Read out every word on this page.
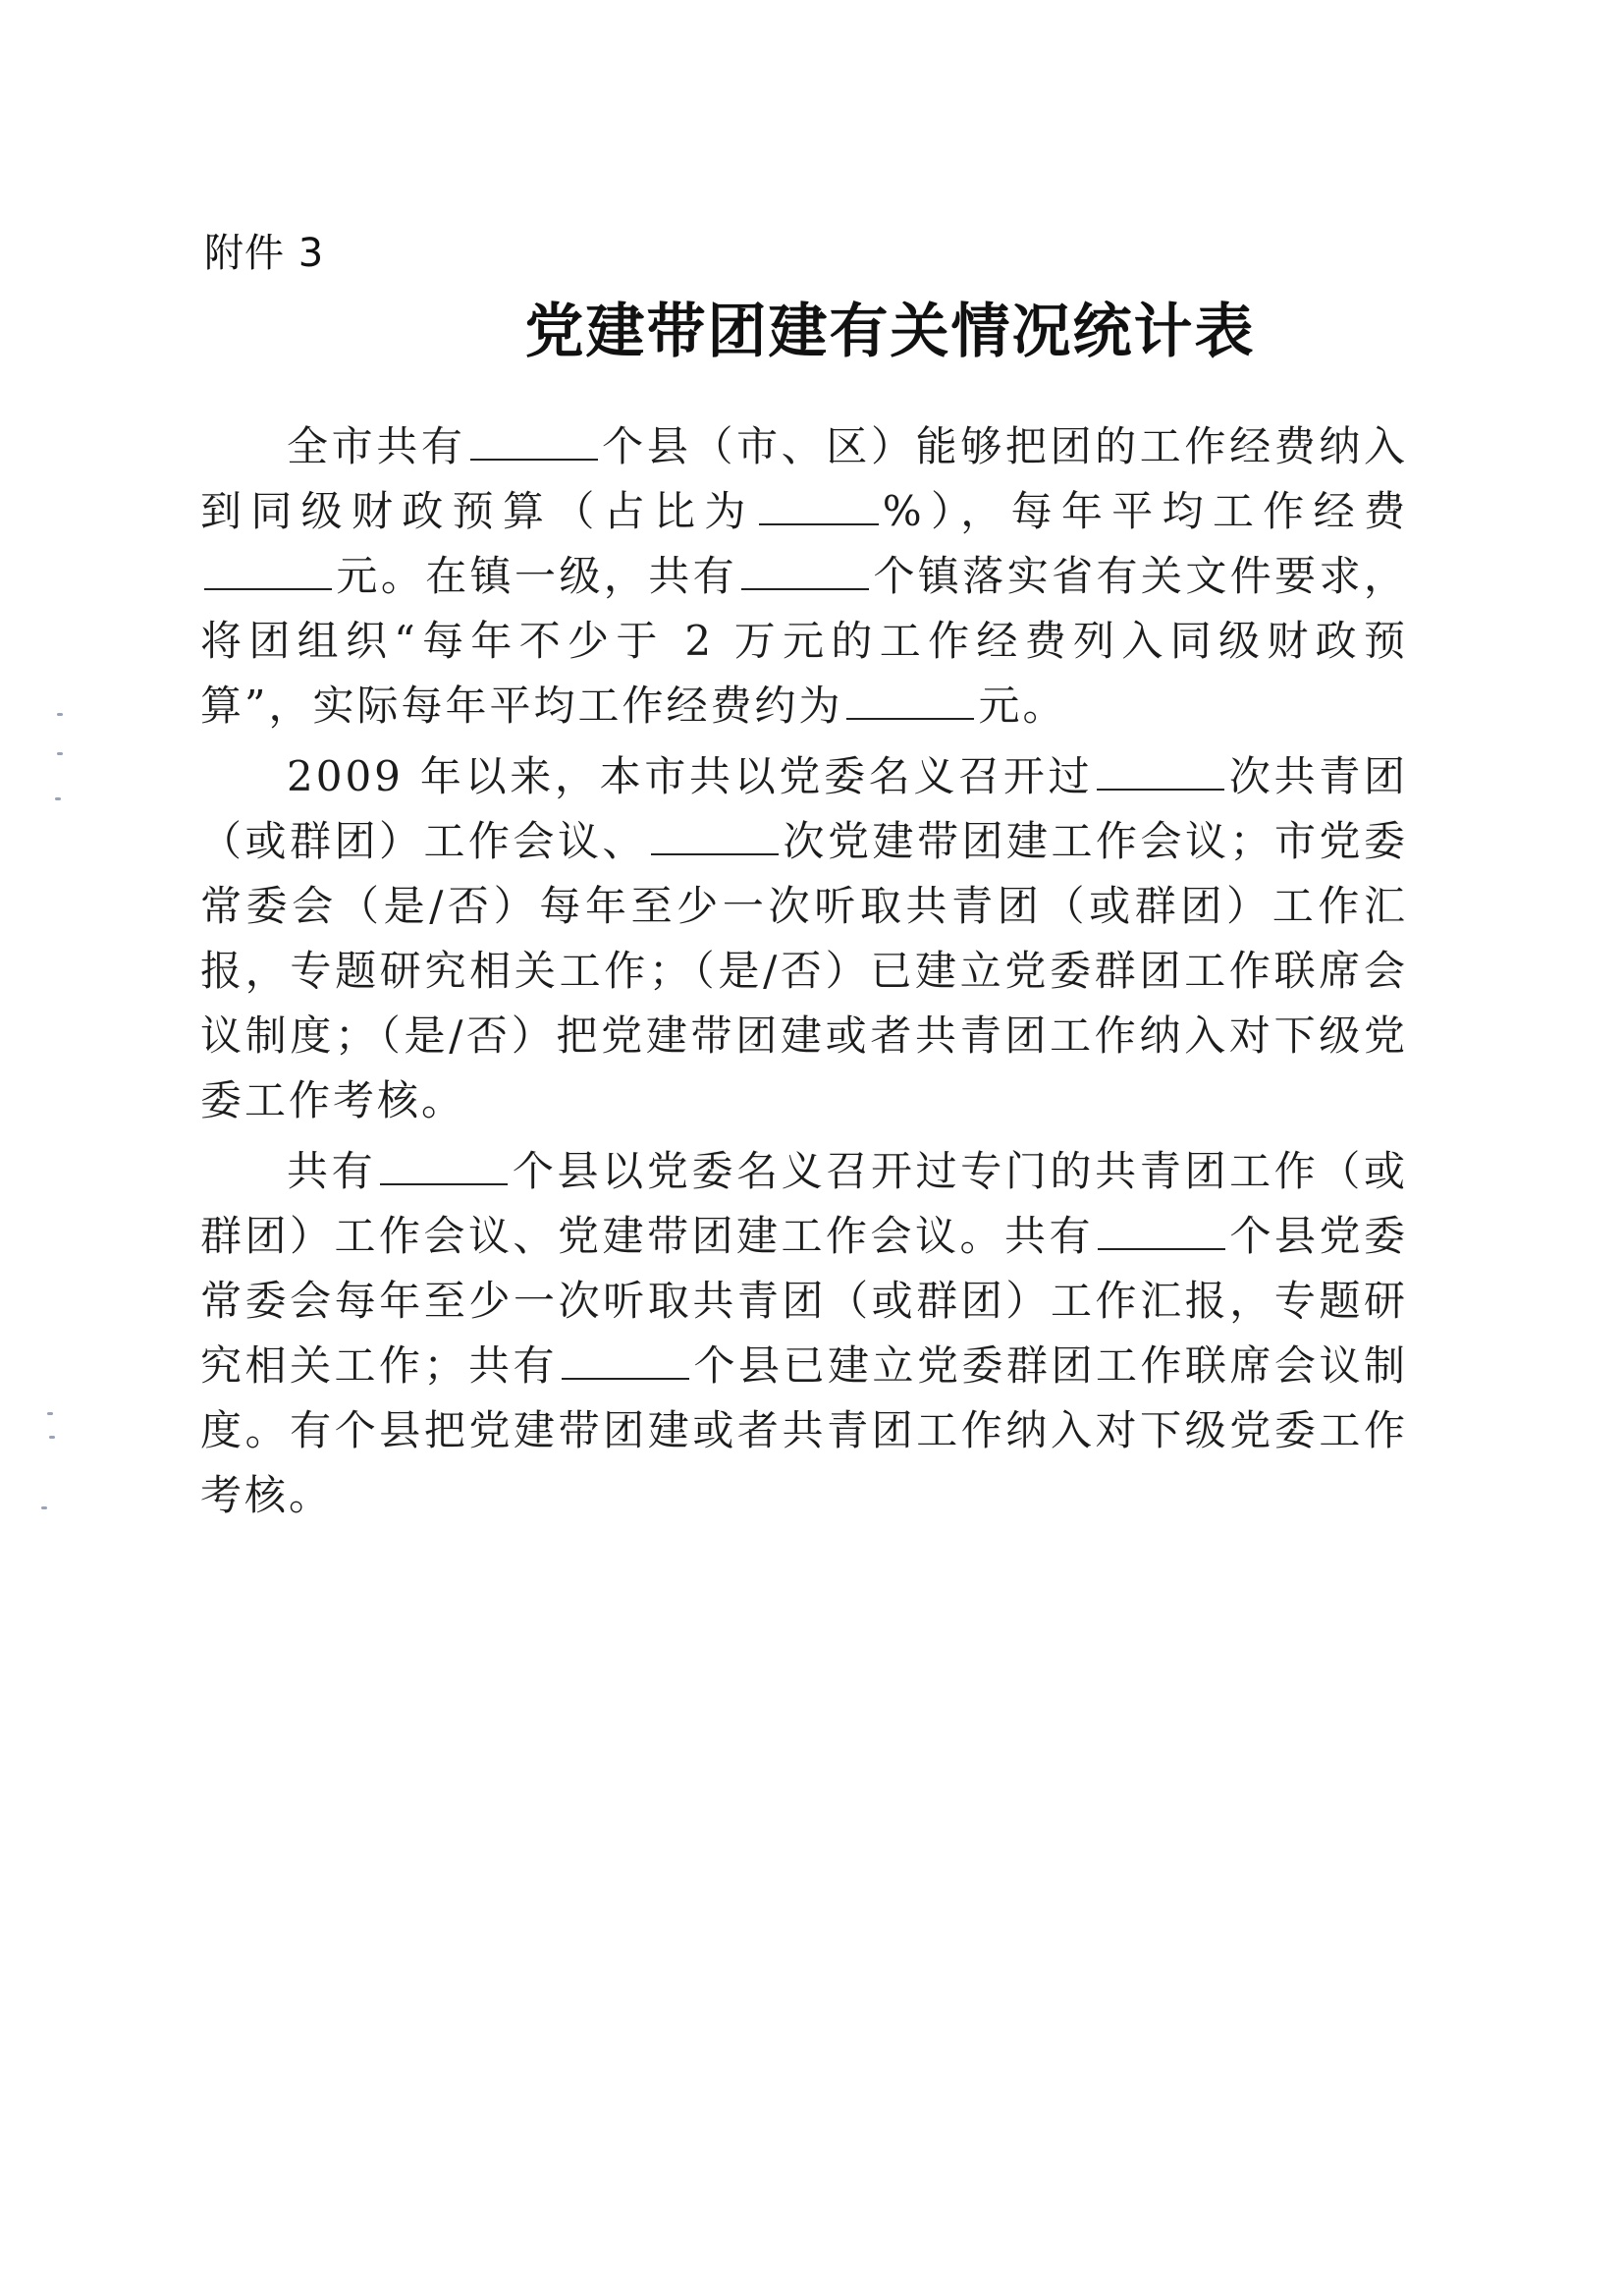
附件 3
党建带团建有关情况统计表

全市共有	个县（市、区）能够把团的工作经费纳入到同级财政预算（占比为	%），每年平均工作经费元。在镇一级，共有	个镇落实省有关文件要求，将团组织“每年不少于 2 万元的工作经费列入同级财政预算”，实际每年平均工作经费约为	元。

2009 年以来，本市共以党委名义召开过	次共青团（或群团）工作会议、	次党建带团建工作会议；市党委常委会（是/否）每年至少一次听取共青团（或群团）工作汇报，专题研究相关工作；（是/否）已建立党委群团工作联席会议制度；（是/否）把党建带团建或者共青团工作纳入对下级党委工作考核。

共有	个县以党委名义召开过专门的共青团工作（或群团）工作会议、党建带团建工作会议。共有	个县党委常委会每年至少一次听取共青团（或群团）工作汇报，专题研究相关工作；共有	个县已建立党委群团工作联席会议制度。有个县把党建带团建或者共青团工作纳入对下级党委工作考核。
